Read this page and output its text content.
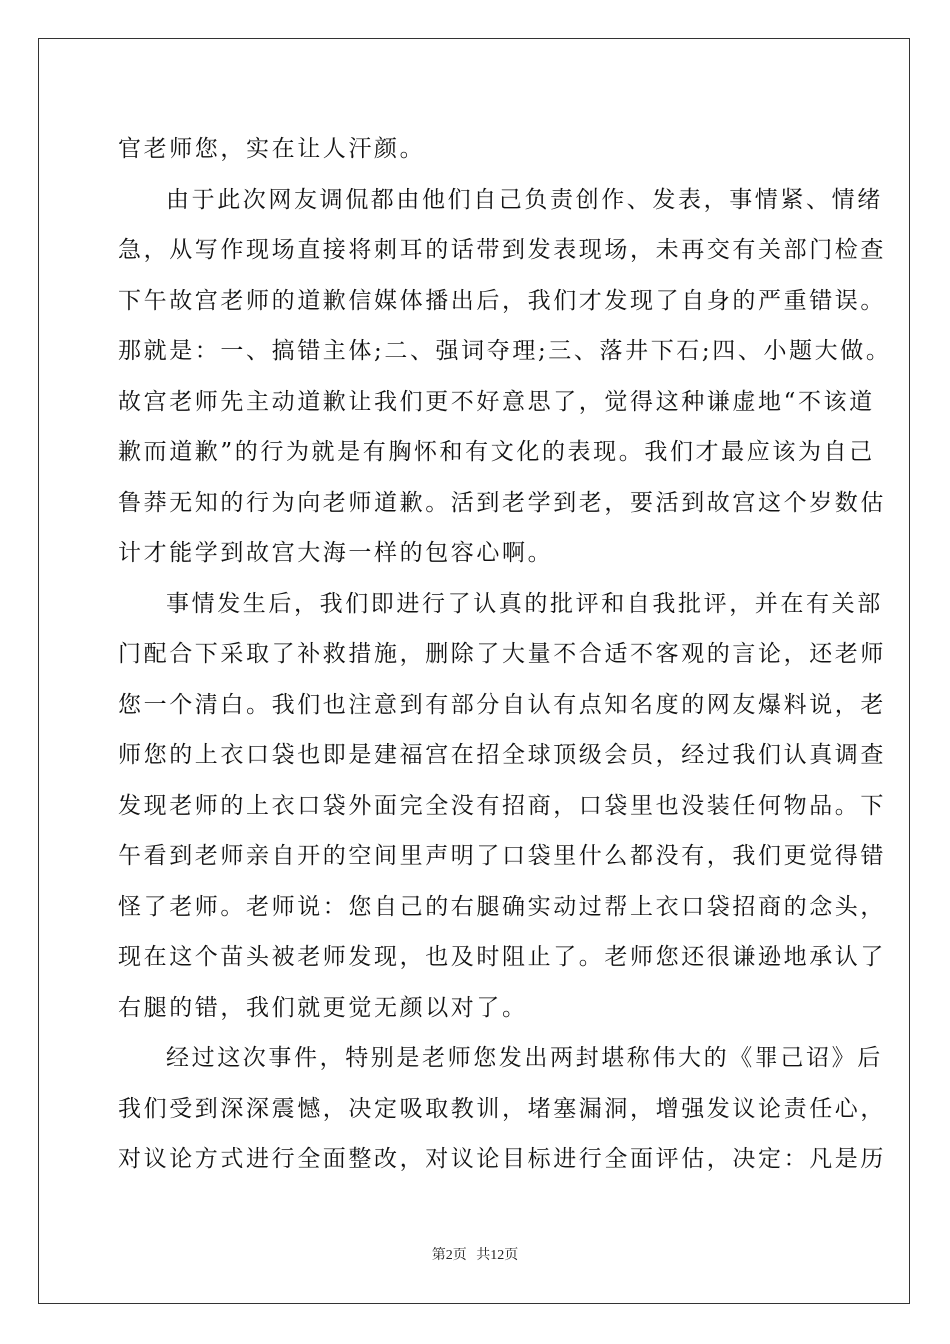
官老师您，实在让人汗颜。
由于此次网友调侃都由他们自己负责创作、发表，事情紧、情绪
急，从写作现场直接将刺耳的话带到发表现场，未再交有关部门检查
下午故宫老师的道歉信媒体播出后，我们才发现了自身的严重错误。
那就是：一、搞错主体;二、强词夺理;三、落井下石;四、小题大做。
故宫老师先主动道歉让我们更不好意思了，觉得这种谦虚地“不该道
歉而道歉”的行为就是有胸怀和有文化的表现。我们才最应该为自己
鲁莽无知的行为向老师道歉。活到老学到老，要活到故宫这个岁数估
计才能学到故宫大海一样的包容心啊。
事情发生后，我们即进行了认真的批评和自我批评，并在有关部
门配合下采取了补救措施，删除了大量不合适不客观的言论，还老师
您一个清白。我们也注意到有部分自认有点知名度的网友爆料说，老
师您的上衣口袋也即是建福宫在招全球顶级会员，经过我们认真调查
发现老师的上衣口袋外面完全没有招商，口袋里也没装任何物品。下
午看到老师亲自开的空间里声明了口袋里什么都没有，我们更觉得错
怪了老师。老师说：您自己的右腿确实动过帮上衣口袋招商的念头，
现在这个苗头被老师发现，也及时阻止了。老师您还很谦逊地承认了
右腿的错，我们就更觉无颜以对了。
经过这次事件，特别是老师您发出两封堪称伟大的《罪己诏》后
我们受到深深震憾，决定吸取教训，堵塞漏洞，增强发议论责任心，
对议论方式进行全面整改，对议论目标进行全面评估，决定：凡是历
第2页 共12页
